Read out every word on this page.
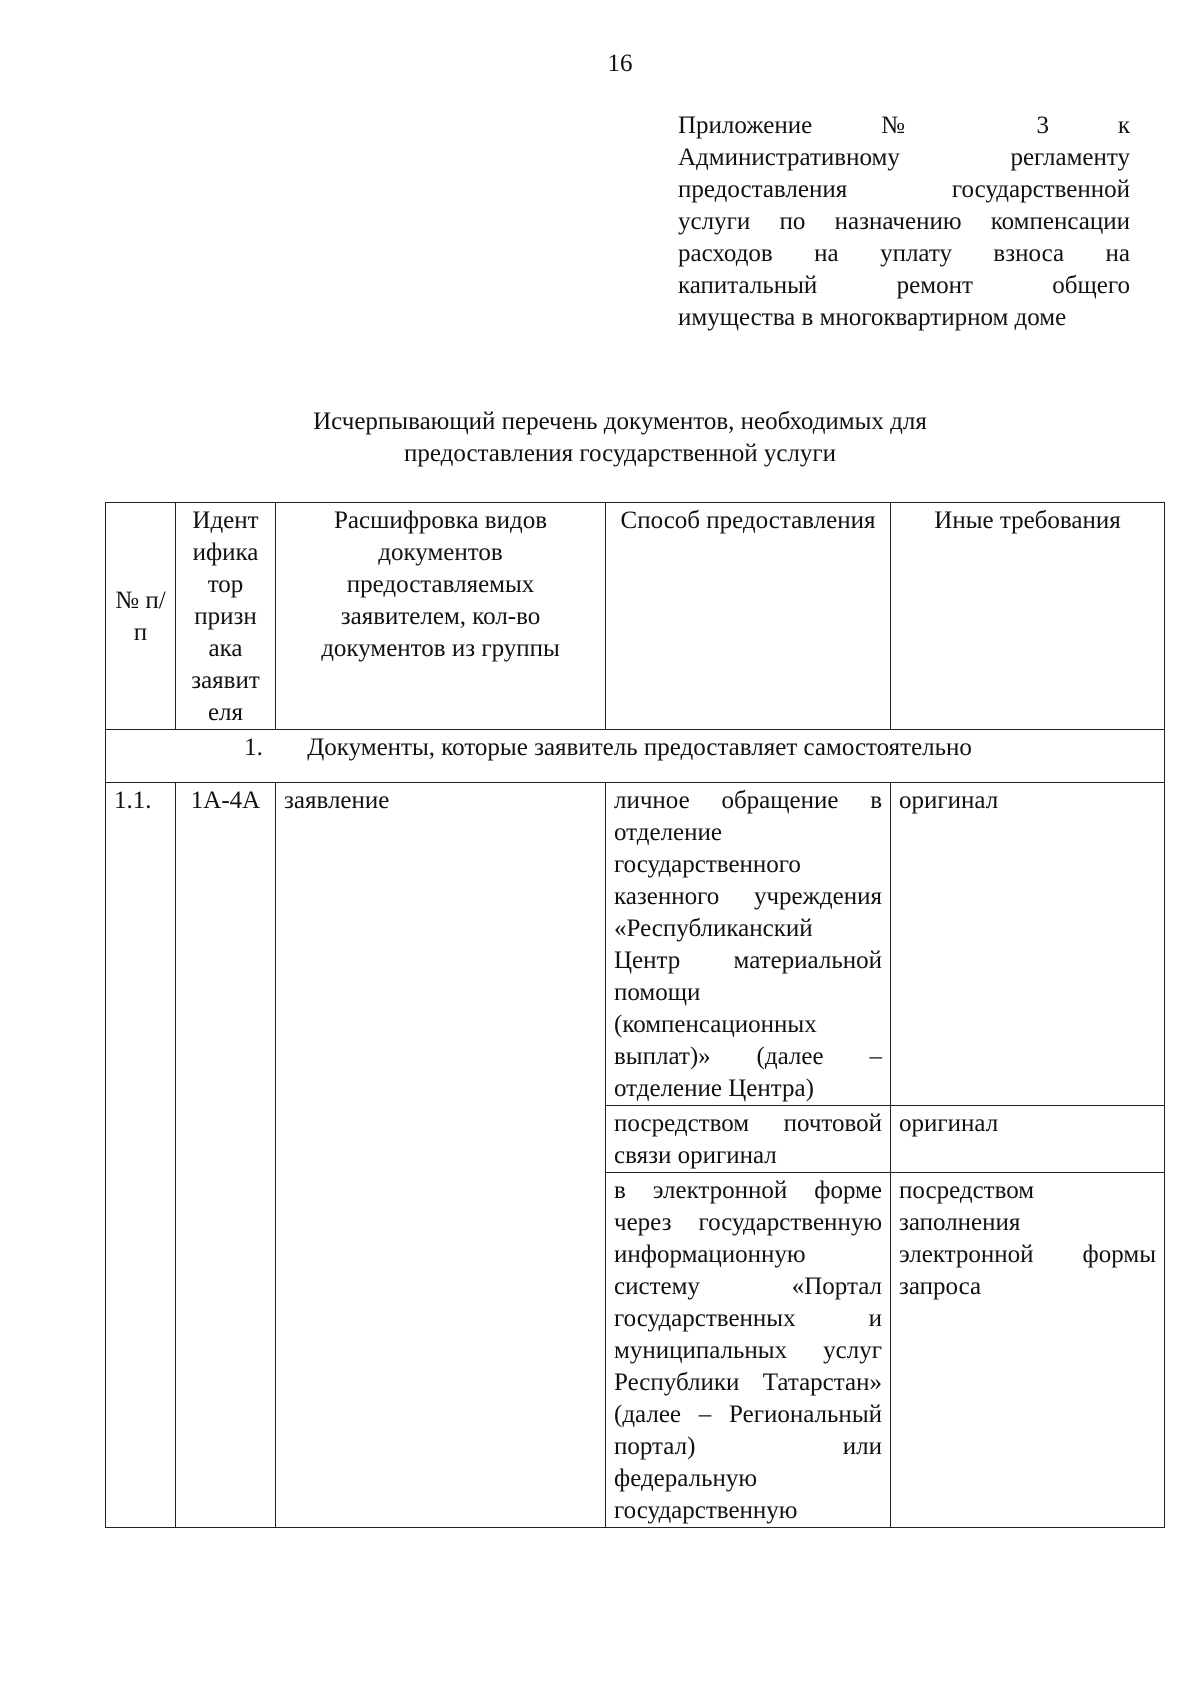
16
Приложение № 3 к
Административному регламенту
предоставления государственной
услуги по назначению компенсации
расходов на уплату взноса на
капитальный ремонт общего
имущества в многоквартирном доме
Исчерпывающий перечень документов, необходимых для
предоставления государственной услуги
№ п/п	Идент ифика тор призн ака заявит еля	Расшифровка видов документов предоставляемых заявителем, кол-во документов из группы	Способ предоставления	Иные требования
1. Документы, которые заявитель предоставляет самостоятельно				
1.1.	1А-4А	заявление	личное обращение в отделение государственного казенного учреждения «Республиканский Центр материальной помощи (компенсационных выплат)» (далее – отделение Центра)	оригинал
			посредством почтовой связи оригинал	оригинал
			в электронной форме через государственную информационную систему «Портал государственных и муниципальных услуг Республики Татарстан» (далее – Региональный портал) или федеральную государственную	посредством заполнения электронной формы запроса
